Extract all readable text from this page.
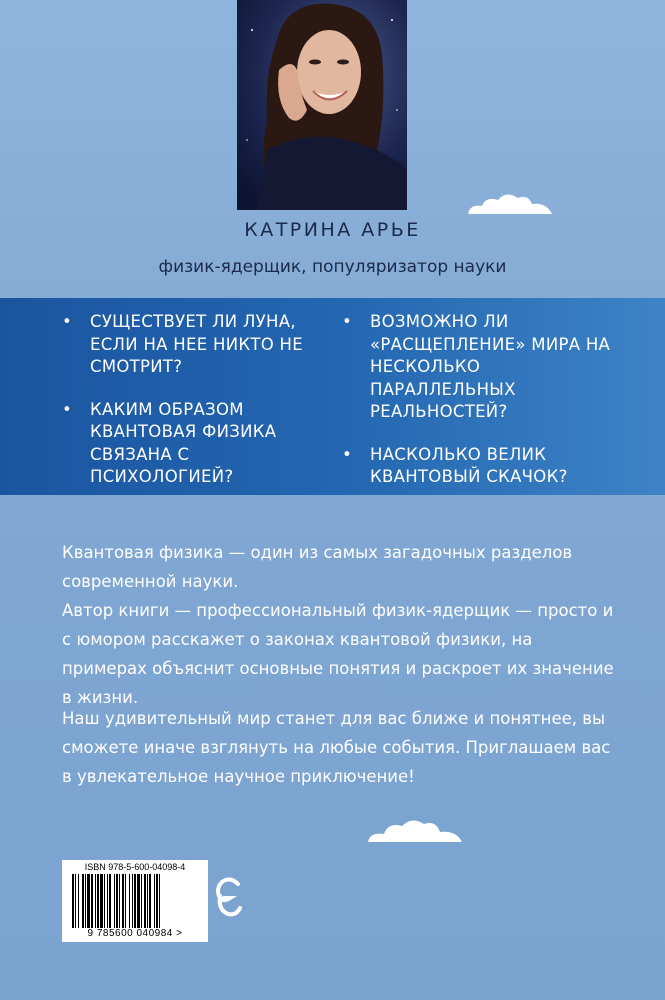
КАТРИНА АРЬЕ
физик-ядерщик, популяризатор науки
• СУЩЕСТВУЕТ ЛИ ЛУНА, ЕСЛИ НА НЕЕ НИКТО НЕ СМОТРИТ?
• КАКИМ ОБРАЗОМ КВАНТОВАЯ ФИЗИКА СВЯЗАНА С ПСИХОЛОГИЕЙ?
• ВОЗМОЖНО ЛИ «РАСЩЕПЛЕНИЕ» МИРА НА НЕСКОЛЬКО ПАРАЛЛЕЛЬНЫХ РЕАЛЬНОСТЕЙ?
• НАСКОЛЬКО ВЕЛИК КВАНТОВЫЙ СКАЧОК?
Квантовая физика — один из самых загадочных разделов современной науки.
Автор книги — профессиональный физик-ядерщик — просто и с юмором расскажет о законах квантовой физики, на примерах объяснит основные понятия и раскроет их значение в жизни.
Наш удивительный мир станет для вас ближе и понятнее, вы сможете иначе взглянуть на любые события. Приглашаем вас в увлекательное научное приключение!
ISBN 978-5-600-04098-4
9 785600 040984 >
